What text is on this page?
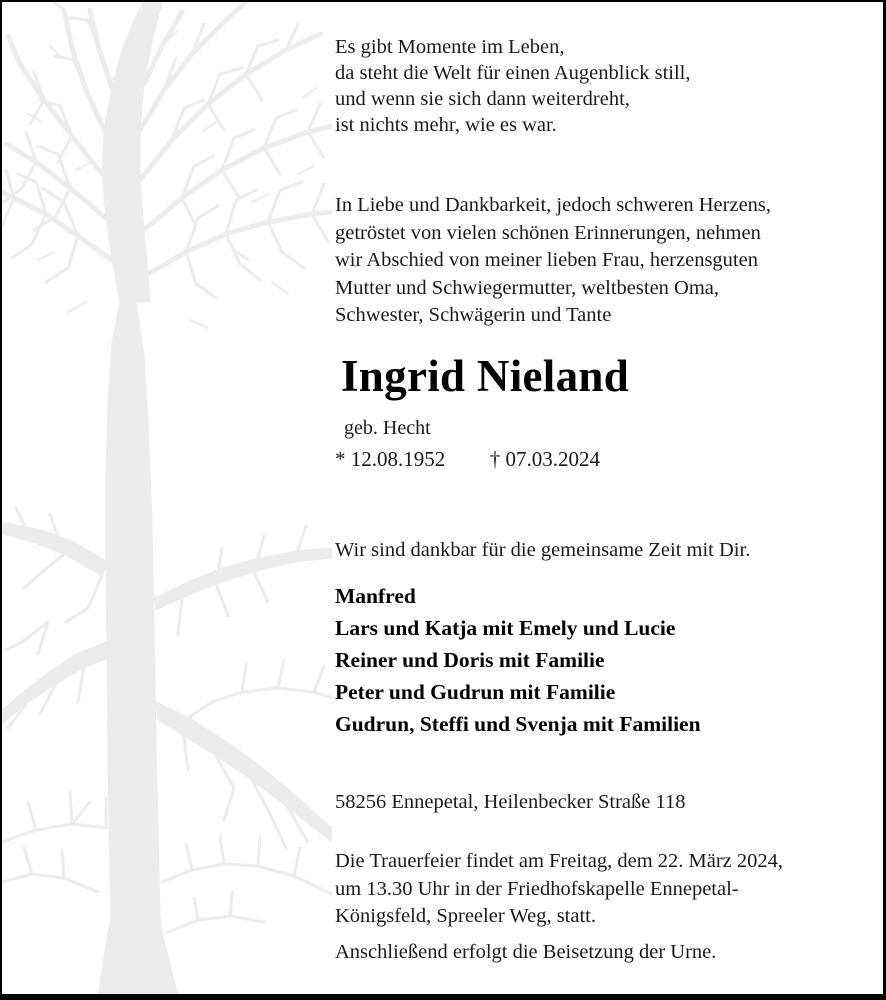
Es gibt Momente im Leben,
da steht die Welt für einen Augenblick still,
und wenn sie sich dann weiterdreht,
ist nichts mehr, wie es war.
In Liebe und Dankbarkeit, jedoch schweren Herzens,
getröstet von vielen schönen Erinnerungen, nehmen
wir Abschied von meiner lieben Frau, herzensguten
Mutter und Schwiegermutter, weltbesten Oma,
Schwester, Schwägerin und Tante
Ingrid Nieland
geb. Hecht
* 12.08.1952 † 07.03.2024
Wir sind dankbar für die gemeinsame Zeit mit Dir.
Manfred
Lars und Katja mit Emely und Lucie
Reiner und Doris mit Familie
Peter und Gudrun mit Familie
Gudrun, Steffi und Svenja mit Familien
58256 Ennepetal, Heilenbecker Straße 118
Die Trauerfeier findet am Freitag, dem 22. März 2024,
um 13.30 Uhr in der Friedhofskapelle Ennepetal-
Königsfeld, Spreeler Weg, statt.
Anschließend erfolgt die Beisetzung der Urne.
